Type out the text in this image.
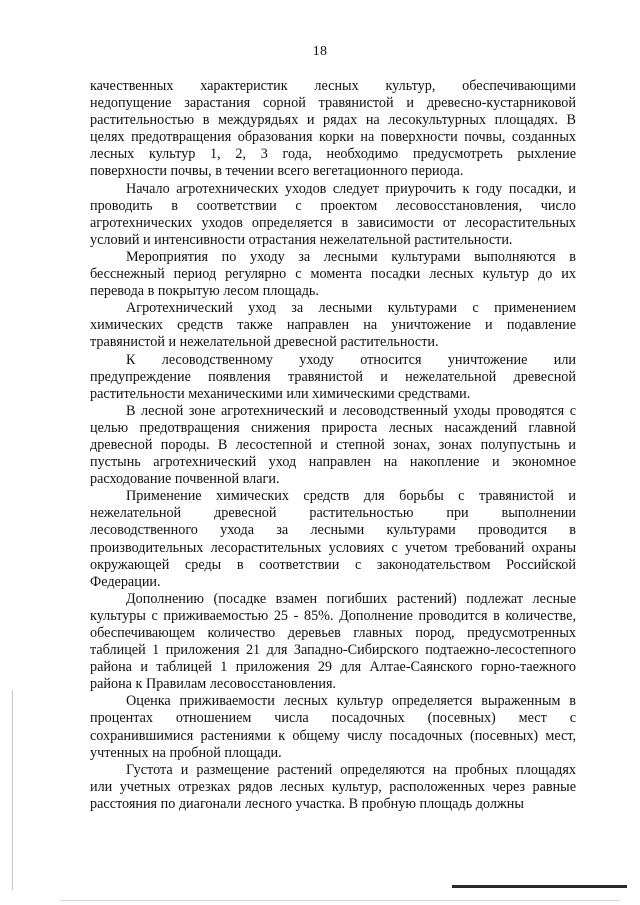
18

качественных характеристик лесных культур, обеспечивающими
недопущение зарастания сорной травянистой и древесно-кустарниковой
растительностью в междурядьях и рядах на лесокультурных площадях. В
целях предотвращения образования корки на поверхности почвы, созданных
лесных культур 1, 2, 3 года, необходимо предусмотреть рыхление
поверхности почвы, в течении всего вегетационного периода.

Начало агротехнических уходов следует приурочить к году посадки, и
проводить в соответствии с проектом лесовосстановления, число
агротехнических уходов определяется в зависимости от лесорастительных
условий и интенсивности отрастания нежелательной растительности.

Мероприятия по уходу за лесными культурами выполняются в
бесснежный период регулярно с момента посадки лесных культур до их
перевода в покрытую лесом площадь.

Агротехнический уход за лесными культурами с применением
химических средств также направлен на уничтожение и подавление
травянистой и нежелательной древесной растительности.

К лесоводственному уходу относится уничтожение или
предупреждение появления травянистой и нежелательной древесной
растительности механическими или химическими средствами.

В лесной зоне агротехнический и лесоводственный уходы проводятся с
целью предотвращения снижения прироста лесных насаждений главной
древесной породы. В лесостепной и степной зонах, зонах полупустынь и
пустынь агротехнический уход направлен на накопление и экономное
расходование почвенной влаги.

Применение химических средств для борьбы с травянистой и
нежелательной древесной растительностью при выполнении
лесоводственного ухода за лесными культурами проводится в
производительных лесорастительных условиях с учетом требований охраны
окружающей среды в соответствии с законодательством Российской
Федерации.

Дополнению (посадке взамен погибших растений) подлежат лесные
культуры с приживаемостью 25 - 85%. Дополнение проводится в количестве,
обеспечивающем количество деревьев главных пород, предусмотренных
таблицей 1 приложения 21 для Западно-Сибирского подтаежно-лесостепного
района и таблицей 1 приложения 29 для Алтае-Саянского горно-таежного
района к Правилам лесовосстановления.

Оценка приживаемости лесных культур определяется выраженным в
процентах отношением числа посадочных (посевных) мест с
сохранившимися растениями к общему числу посадочных (посевных) мест,
учтенных на пробной площади.

Густота и размещение растений определяются на пробных площадях
или учетных отрезках рядов лесных культур, расположенных через равные
расстояния по диагонали лесного участка. В пробную площадь должны
